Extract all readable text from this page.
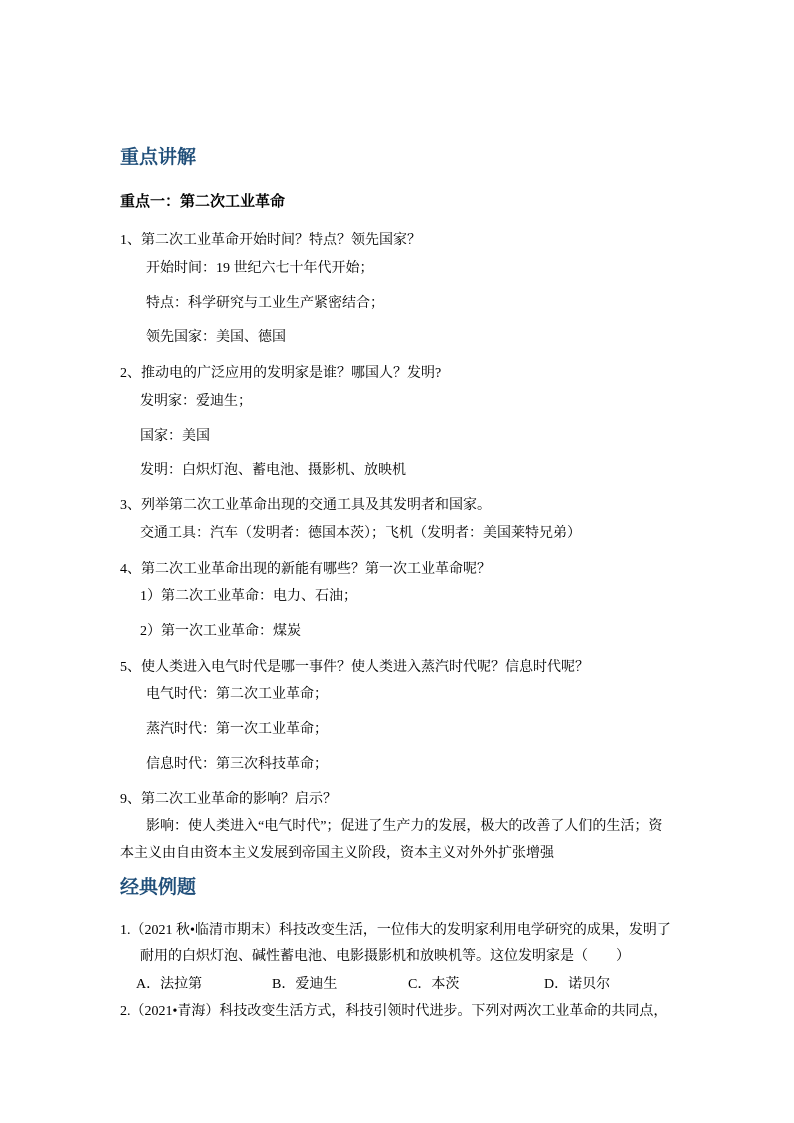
重点讲解
重点一：第二次工业革命
1、第二次工业革命开始时间？特点？领先国家？
开始时间：19 世纪六七十年代开始；
特点：科学研究与工业生产紧密结合；
领先国家：美国、德国
2、推动电的广泛应用的发明家是谁？哪国人？发明?
发明家：爱迪生；
国家：美国
发明：白炽灯泡、蓄电池、摄影机、放映机
3、列举第二次工业革命出现的交通工具及其发明者和国家。
交通工具：汽车（发明者：德国本茨）；飞机（发明者：美国莱特兄弟）
4、第二次工业革命出现的新能有哪些？第一次工业革命呢？
1）第二次工业革命：电力、石油；
2）第一次工业革命：煤炭
5、使人类进入电气时代是哪一事件？使人类进入蒸汽时代呢？信息时代呢？
电气时代：第二次工业革命；
蒸汽时代：第一次工业革命；
信息时代：第三次科技革命；
9、第二次工业革命的影响？启示？
影响：使人类进入“电气时代”；促进了生产力的发展，极大的改善了人们的生活；资
本主义由自由资本主义发展到帝国主义阶段，资本主义对外外扩张增强
经典例题
1.（2021 秋•临清市期末）科技改变生活，一位伟大的发明家利用电学研究的成果，发明了
耐用的白炽灯泡、碱性蓄电池、电影摄影机和放映机等。这位发明家是（　　）
A．法拉第	B．爱迪生	C．本茨	D．诺贝尔
2.（2021•青海）科技改变生活方式，科技引领时代进步。下列对两次工业革命的共同点，
